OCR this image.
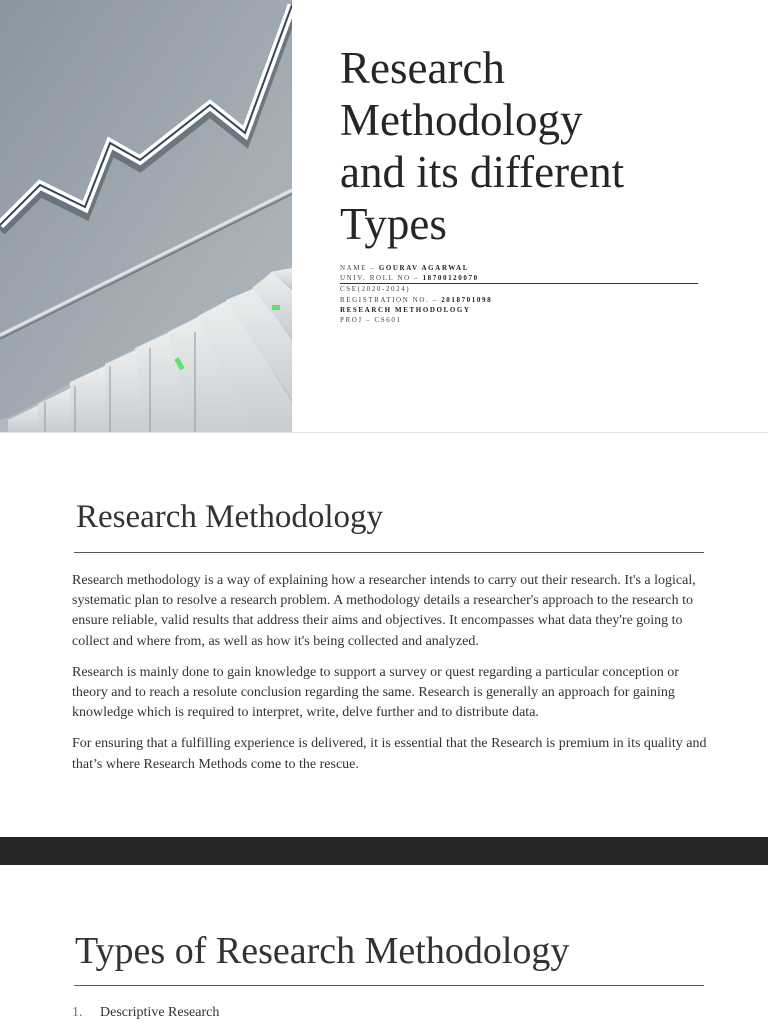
Research
Methodology
and its different
Types
NAME – GOURAV AGARWAL
UNIV. ROLL NO – 18700120070
CSE(2020-2024)
REGISTRATION NO. – 2018701098
RESEARCH METHODOLOGY
PROJ – CS601
Research Methodology

Research methodology is a way of explaining how a researcher intends to carry out their research. It's a logical, systematic plan to resolve a research problem. A methodology details a researcher's approach to the research to ensure reliable, valid results that address their aims and objectives. It encompasses what data they're going to collect and where from, as well as how it's being collected and analyzed.

Research is mainly done to gain knowledge to support a survey or quest regarding a particular conception or theory and to reach a resolute conclusion regarding the same. Research is generally an approach for gaining knowledge which is required to interpret, write, delve further and to distribute data.

For ensuring that a fulfilling experience is delivered, it is essential that the Research is premium in its quality and that’s where Research Methods come to the rescue.

Types of Research Methodology
1.	Descriptive Research
